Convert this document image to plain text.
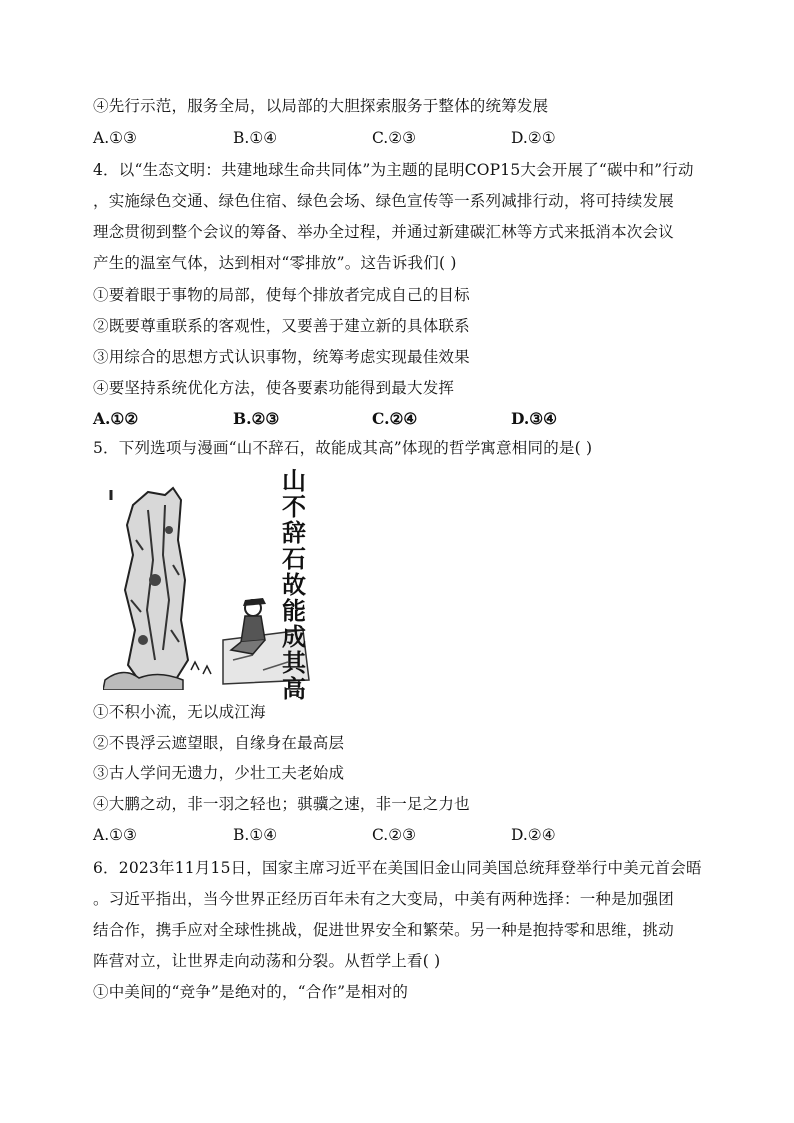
④先行示范，服务全局，以局部的大胆探索服务于整体的统筹发展
A.①③	B.①④	C.②③	D.②①
4．以“生态文明：共建地球生命共同体”为主题的昆明COP15大会开展了“碳中和”行动
，实施绿色交通、绿色住宿、绿色会场、绿色宣传等一系列减排行动，将可持续发展
理念贯彻到整个会议的筹备、举办全过程，并通过新建碳汇林等方式来抵消本次会议
产生的温室气体，达到相对“零排放”。这告诉我们( )
①要着眼于事物的局部，使每个排放者完成自己的目标
②既要尊重联系的客观性，又要善于建立新的具体联系
③用综合的思想方式认识事物，统筹考虑实现最佳效果
④要坚持系统优化方法，使各要素功能得到最大发挥
A.①②	B.②③	C.②④	D.③④
5．下列选项与漫画“山不辞石，故能成其高”体现的哲学寓意相同的是( )
山不辞石故能成其高
①不积小流，无以成江海
②不畏浮云遮望眼，自缘身在最高层
③古人学问无遗力，少壮工夫老始成
④大鹏之动，非一羽之轻也；骐骥之速，非一足之力也
A.①③	B.①④	C.②③	D.②④
6．2023年11月15日，国家主席习近平在美国旧金山同美国总统拜登举行中美元首会晤
。习近平指出，当今世界正经历百年未有之大变局，中美有两种选择：一种是加强团
结合作，携手应对全球性挑战，促进世界安全和繁荣。另一种是抱持零和思维，挑动
阵营对立，让世界走向动荡和分裂。从哲学上看( )
①中美间的“竞争”是绝对的，“合作”是相对的
